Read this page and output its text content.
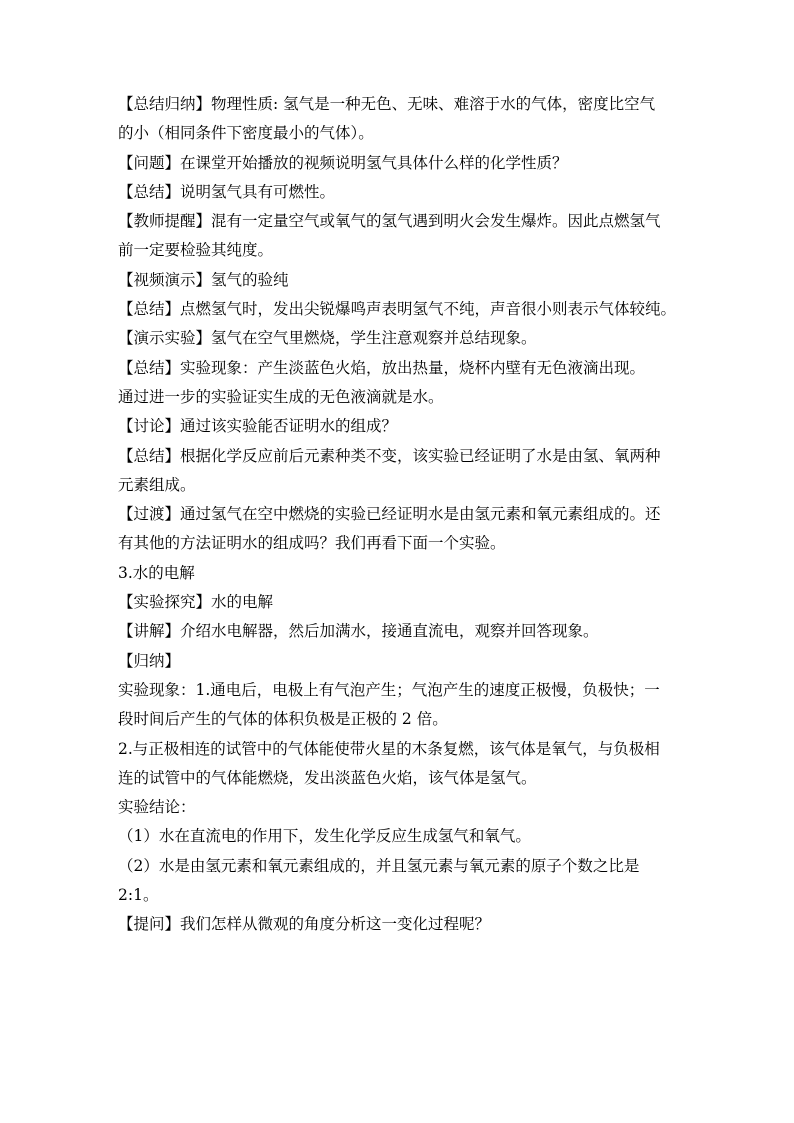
【总结归纳】物理性质: 氢气是一种无色、无味、难溶于水的气体，密度比空气

的小（相同条件下密度最小的气体）。

【问题】在课堂开始播放的视频说明氢气具体什么样的化学性质？

【总结】说明氢气具有可燃性。

【教师提醒】混有一定量空气或氧气的氢气遇到明火会发生爆炸。因此点燃氢气

前一定要检验其纯度。

【视频演示】氢气的验纯

【总结】点燃氢气时，发出尖锐爆鸣声表明氢气不纯，声音很小则表示气体较纯。

【演示实验】氢气在空气里燃烧，学生注意观察并总结现象。

【总结】实验现象：产生淡蓝色火焰，放出热量，烧杯内壁有无色液滴出现。

通过进一步的实验证实生成的无色液滴就是水。

【讨论】通过该实验能否证明水的组成？

【总结】根据化学反应前后元素种类不变，该实验已经证明了水是由氢、氧两种

元素组成。

【过渡】通过氢气在空中燃烧的实验已经证明水是由氢元素和氧元素组成的。还

有其他的方法证明水的组成吗？我们再看下面一个实验。

3.水的电解

【实验探究】水的电解

【讲解】介绍水电解器，然后加满水，接通直流电，观察并回答现象。

【归纳】

实验现象：1.通电后，电极上有气泡产生；气泡产生的速度正极慢，负极快；一

段时间后产生的气体的体积负极是正极的 2 倍。

2.与正极相连的试管中的气体能使带火星的木条复燃，该气体是氧气，与负极相

连的试管中的气体能燃烧，发出淡蓝色火焰，该气体是氢气。

实验结论：

（1）水在直流电的作用下，发生化学反应生成氢气和氧气。

（2）水是由氢元素和氧元素组成的，并且氢元素与氧元素的原子个数之比是

2:1。

【提问】我们怎样从微观的角度分析这一变化过程呢？
